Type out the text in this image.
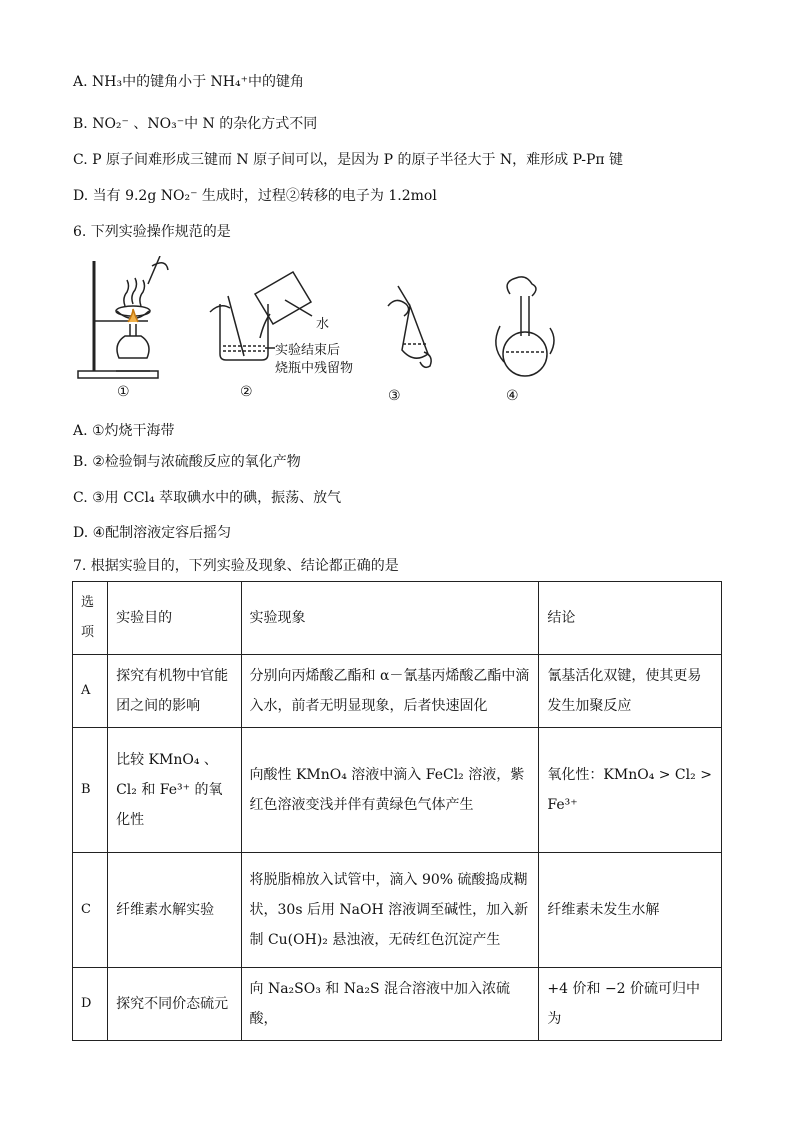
A. NH₃中的键角小于 NH₄⁺中的键角
B. NO₂⁻ 、NO₃⁻中 N 的杂化方式不同
C. P 原子间难形成三键而 N 原子间可以，是因为 P 的原子半径大于 N，难形成 P-Pπ 键
D. 当有 9.2g NO₂⁻ 生成时，过程②转移的电子为 1.2mol
6. 下列实验操作规范的是
①	②
水
实验结束后
烧瓶中残留物
③	④
A. ①灼烧干海带
B. ②检验铜与浓硫酸反应的氧化产物
C. ③用 CCl₄ 萃取碘水中的碘，振荡、放气
D. ④配制溶液定容后摇匀
7. 根据实验目的，下列实验及现象、结论都正确的是
选项	实验目的	实验现象	结论
A	探究有机物中官能团之间的影响	分别向丙烯酸乙酯和 α－氰基丙烯酸乙酯中滴入水，前者无明显现象，后者快速固化	氰基活化双键，使其更易发生加聚反应
B	比较 KMnO₄ 、Cl₂ 和 Fe³⁺ 的氧化性	向酸性 KMnO₄ 溶液中滴入 FeCl₂ 溶液，紫红色溶液变浅并伴有黄绿色气体产生	氧化性：KMnO₄ > Cl₂ > Fe³⁺
C	纤维素水解实验	将脱脂棉放入试管中，滴入 90% 硫酸捣成糊状，30s 后用 NaOH 溶液调至碱性，加入新制 Cu(OH)₂ 悬浊液，无砖红色沉淀产生	纤维素未发生水解
D	探究不同价态硫元	向 Na₂SO₃ 和 Na₂S 混合溶液中加入浓硫酸，	+4 价和 −2 价硫可归中为
